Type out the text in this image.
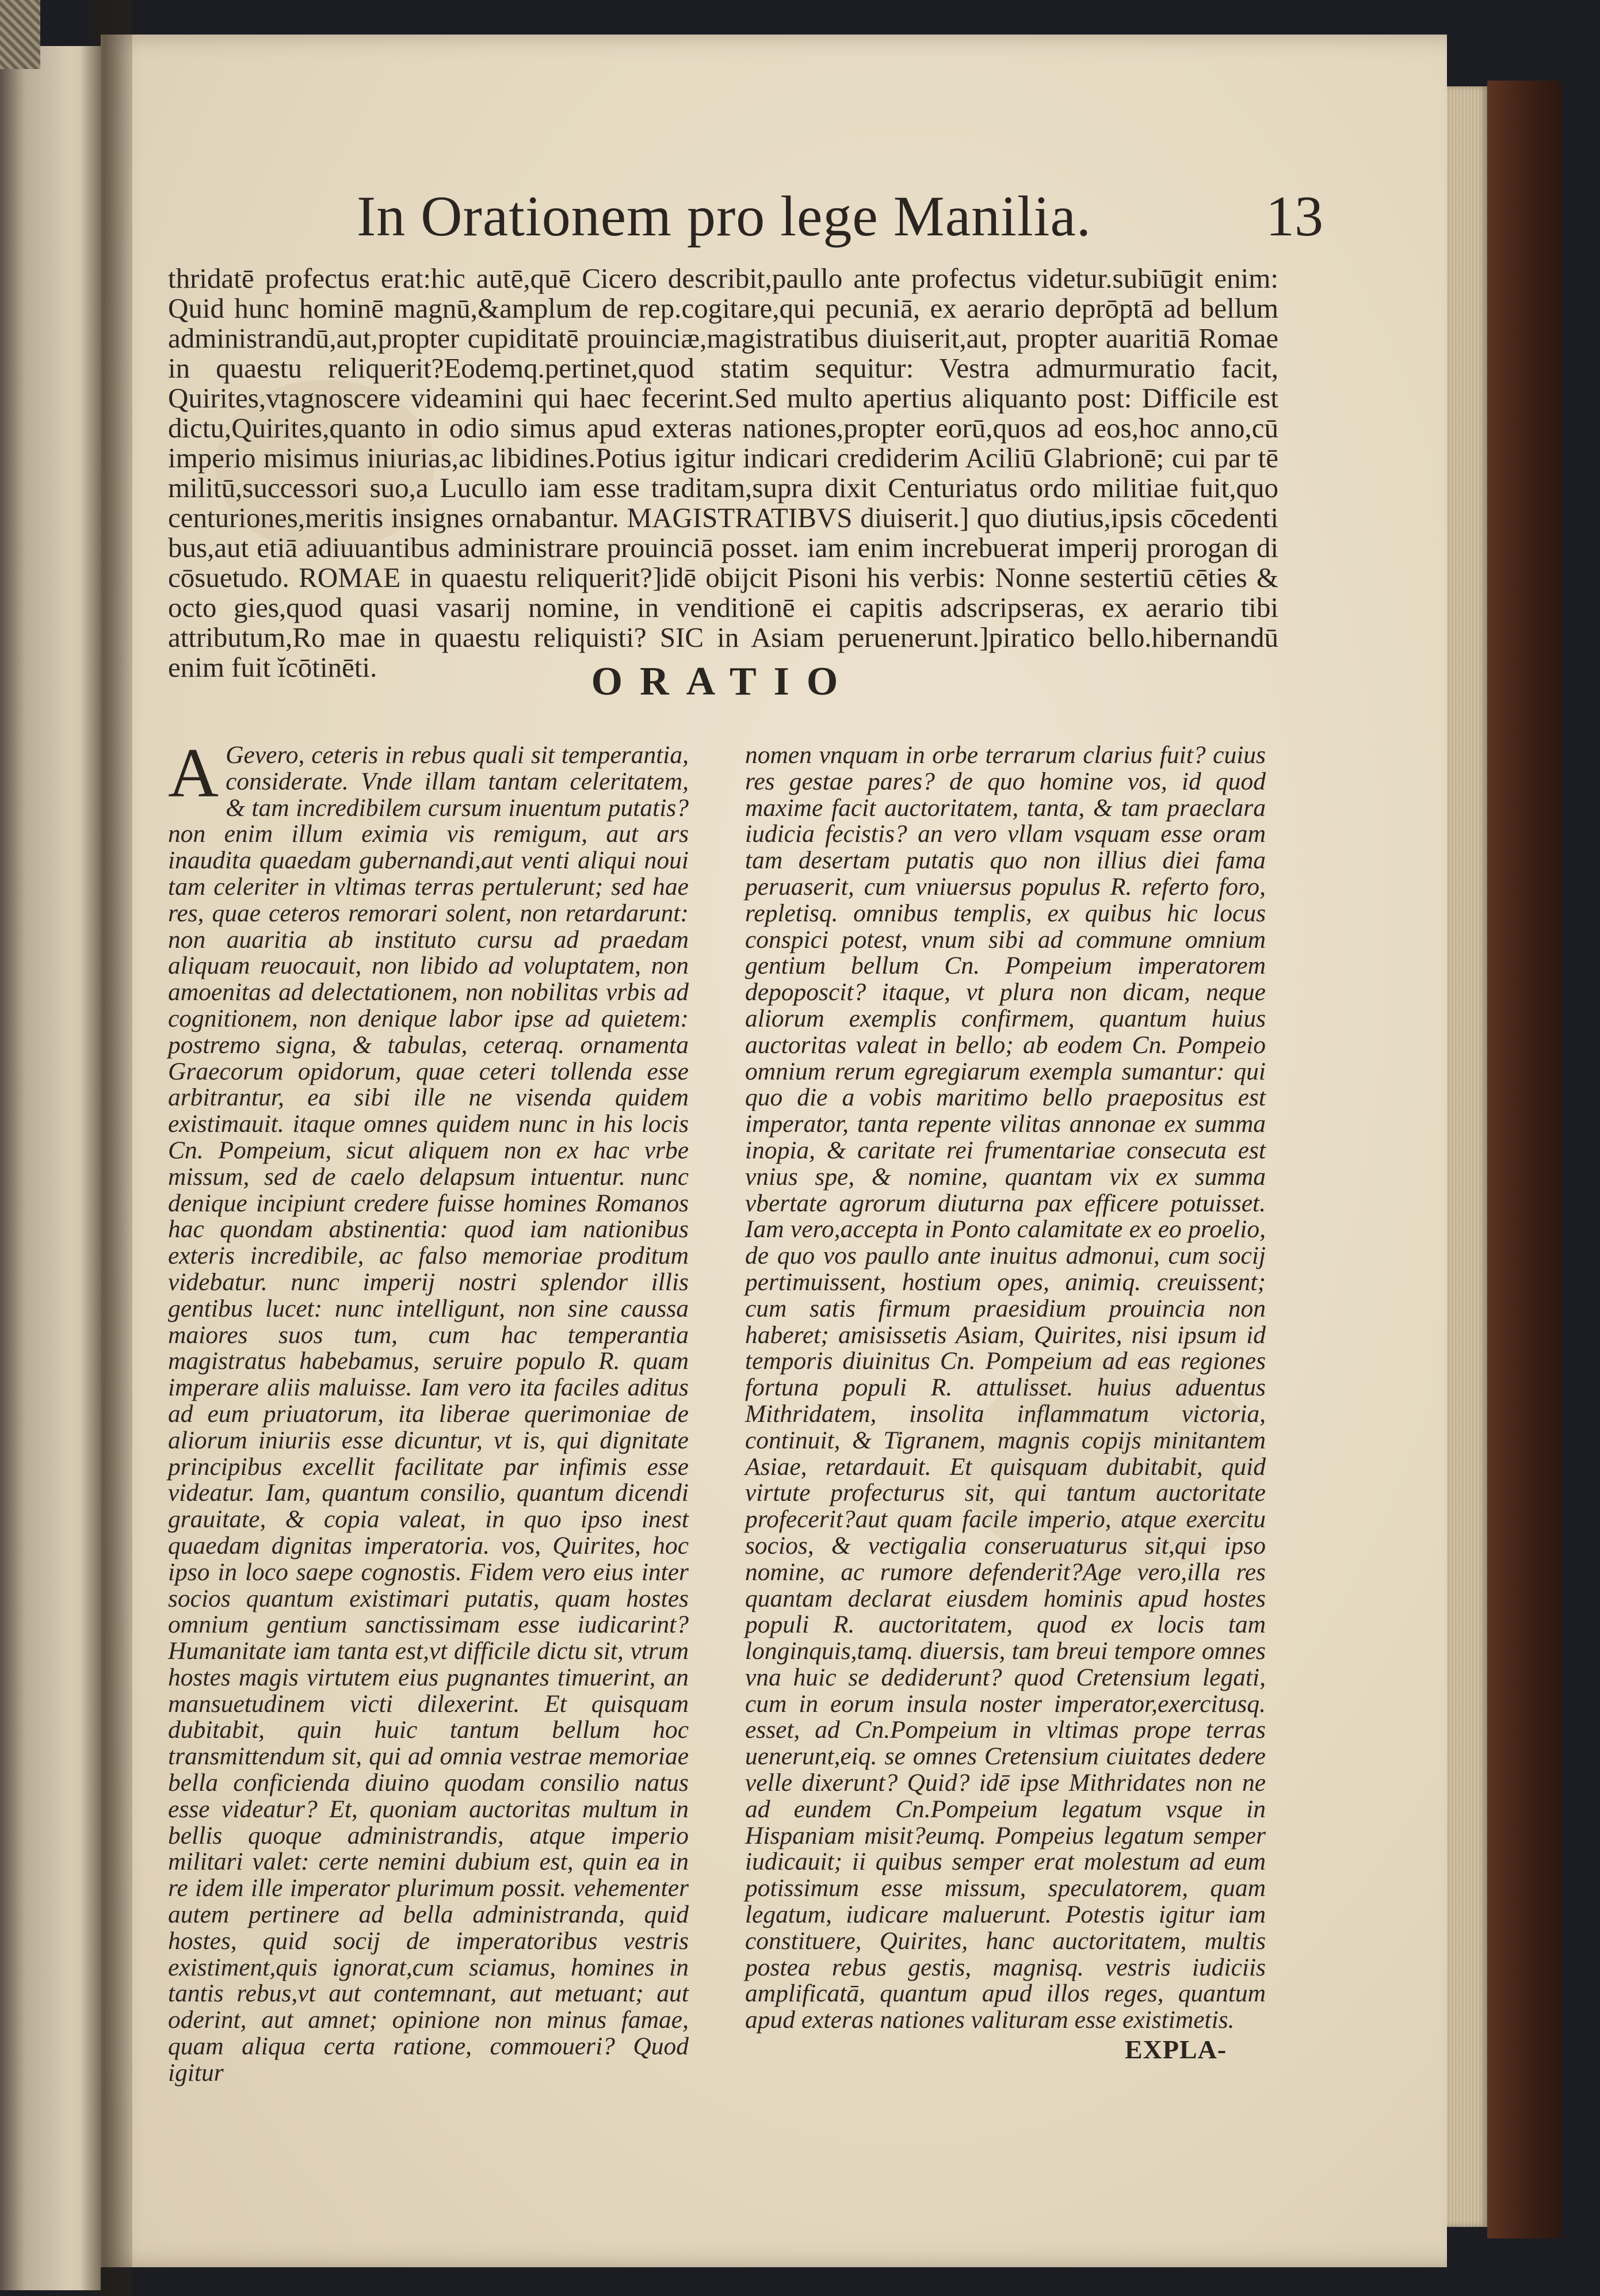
In Orationem pro lege Manilia.	13

thridatē profectus erat:hic autē,quē Cicero describit,paullo ante profectus videtur.subiūgit enim: Quid hunc hominē magnū,&amplum de rep.cogitare,qui pecuniā, ex aerario deprōptā ad bellum administrandū,aut,propter cupiditatē prouinciæ,magistratibus diuiserit,aut, propter auaritiā Romae in quaestu reliquerit?Eodemq.pertinet,quod statim sequitur: Vestra admurmuratio facit, Quirites,vtagnoscere videamini qui haec fecerint.Sed multo apertius aliquanto post: Difficile est dictu,Quirites,quanto in odio simus apud exteras nationes,propter eorū,quos ad eos,hoc anno,cū imperio misimus iniurias,ac libidines.Potius igitur indicari crediderim Aciliū Glabrionē; cui par tē militū,successori suo,a Lucullo iam esse traditam,supra dixit Centuriatus ordo militiae fuit,quo centuriones,meritis insignes ornabantur. MAGISTRATIBVS diuiserit.] quo diutius,ipsis cōcedenti bus,aut etiā adiuuantibus administrare prouinciā posset. iam enim increbuerat imperij prorogan di cōsuetudo. ROMAE in quaestu reliquerit?]idē obijcit Pisoni his verbis: Nonne sestertiū cēties & octo gies,quod quasi vasarij nomine, in venditionē ei capitis adscripseras, ex aerario tibi attributum,Ro mae in quaestu reliquisti? SIC in Asiam peruenerunt.]piratico bello.hibernandū enim fuit ĭcōtinēti.	ORATIO
A Gevero, ceteris in rebus quali sit temperantia, considerate. Vnde illam tantam celeritatem, & tam incredibilem cursum inuentum putatis? non enim illum eximia vis remigum, aut ars inaudita quaedam gubernandi,aut venti aliqui noui tam celeriter in vltimas terras pertulerunt; sed hae res, quae ceteros remorari solent, non retardarunt: non auaritia ab instituto cursu ad praedam aliquam reuocauit, non libido ad voluptatem, non amoenitas ad delectationem, non nobilitas vrbis ad cognitionem, non denique labor ipse ad quietem: postremo signa, & tabulas, ceteraq. ornamenta Graecorum opidorum, quae ceteri tollenda esse arbitrantur, ea sibi ille ne visenda quidem existimauit. itaque omnes quidem nunc in his locis Cn. Pompeium, sicut aliquem non ex hac vrbe missum, sed de caelo delapsum intuentur. nunc denique incipiunt credere fuisse homines Romanos hac quondam abstinentia: quod iam nationibus exteris incredibile, ac falso memoriae proditum videbatur. nunc imperij nostri splendor illis gentibus lucet: nunc intelligunt, non sine caussa maiores suos tum, cum hac temperantia magistratus habebamus, seruire populo R. quam imperare aliis maluisse. Iam vero ita faciles aditus ad eum priuatorum, ita liberae querimoniae de aliorum iniuriis esse dicuntur, vt is, qui dignitate principibus excellit facilitate par infimis esse videatur. Iam, quantum consilio, quantum dicendi grauitate, & copia valeat, in quo ipso inest quaedam dignitas imperatoria. vos, Quirites, hoc ipso in loco saepe cognostis. Fidem vero eius inter socios quantum existimari putatis, quam hostes omnium gentium sanctissimam esse iudicarint?Humanitate iam tanta est,vt difficile dictu sit, vtrum hostes magis virtutem eius pugnantes timuerint, an mansuetudinem victi dilexerint. Et quisquam dubitabit, quin huic tantum bellum hoc transmittendum sit, qui ad omnia vestrae memoriae bella conficienda diuino quodam consilio natus esse videatur? Et, quoniam auctoritas multum in bellis quoque administrandis, atque imperio militari valet: certe nemini dubium est, quin ea in re idem ille imperator plurimum possit. vehementer autem pertinere ad bella administranda, quid hostes, quid socij de imperatoribus vestris existiment,quis ignorat,cum sciamus, homines in tantis rebus,vt aut contemnant, aut metuant; aut oderint, aut amnet; opinione non minus famae, quam aliqua certa ratione, commoueri? Quod igitur

nomen vnquam in orbe terrarum clarius fuit? cuius res gestae pares? de quo homine vos, id quod maxime facit auctoritatem, tanta, & tam praeclara iudicia fecistis? an vero vllam vsquam esse oram tam desertam putatis quo non illius diei fama peruaserit, cum vniuersus populus R. referto foro, repletisq. omnibus templis, ex quibus hic locus conspici potest, vnum sibi ad commune omnium gentium bellum Cn. Pompeium imperatorem depoposcit? itaque, vt plura non dicam, neque aliorum exemplis confirmem, quantum huius auctoritas valeat in bello; ab eodem Cn. Pompeio omnium rerum egregiarum exempla sumantur: qui quo die a vobis maritimo bello praepositus est imperator, tanta repente vilitas annonae ex summa inopia, & caritate rei frumentariae consecuta est vnius spe, & nomine, quantam vix ex summa vbertate agrorum diuturna pax efficere potuisset. Iam vero,accepta in Ponto calamitate ex eo proelio, de quo vos paullo ante inuitus admonui, cum socij pertimuissent, hostium opes, animiq. creuissent; cum satis firmum praesidium prouincia non haberet; amisissetis Asiam, Quirites, nisi ipsum id temporis diuinitus Cn. Pompeium ad eas regiones fortuna populi R. attulisset. huius aduentus Mithridatem, insolita inflammatum victoria, continuit, & Tigranem, magnis copijs minitantem Asiae, retardauit. Et quisquam dubitabit, quid virtute profecturus sit, qui tantum auctoritate profecerit?aut quam facile imperio, atque exercitu socios, & vectigalia conseruaturus sit,qui ipso nomine, ac rumore defenderit?Age vero,illa res quantam declarat eiusdem hominis apud hostes populi R. auctoritatem, quod ex locis tam longinquis,tamq. diuersis, tam breui tempore omnes vna huic se dediderunt? quod Cretensium legati, cum in eorum insula noster imperator,exercitusq. esset, ad Cn.Pompeium in vltimas prope terras uenerunt,eiq. se omnes Cretensium ciuitates dedere velle dixerunt? Quid? idē ipse Mithridates non ne ad eundem Cn.Pompeium legatum vsque in Hispaniam misit?eumq. Pompeius legatum semper iudicauit; ii quibus semper erat molestum ad eum potissimum esse missum, speculatorem, quam legatum, iudicare maluerunt. Potestis igitur iam constituere, Quirites, hanc auctoritatem, multis postea rebus gestis, magnisq. vestris iudiciis amplificatā, quantum apud illos reges, quantum apud exteras nationes valituram esse existimetis.

EXPLA-
